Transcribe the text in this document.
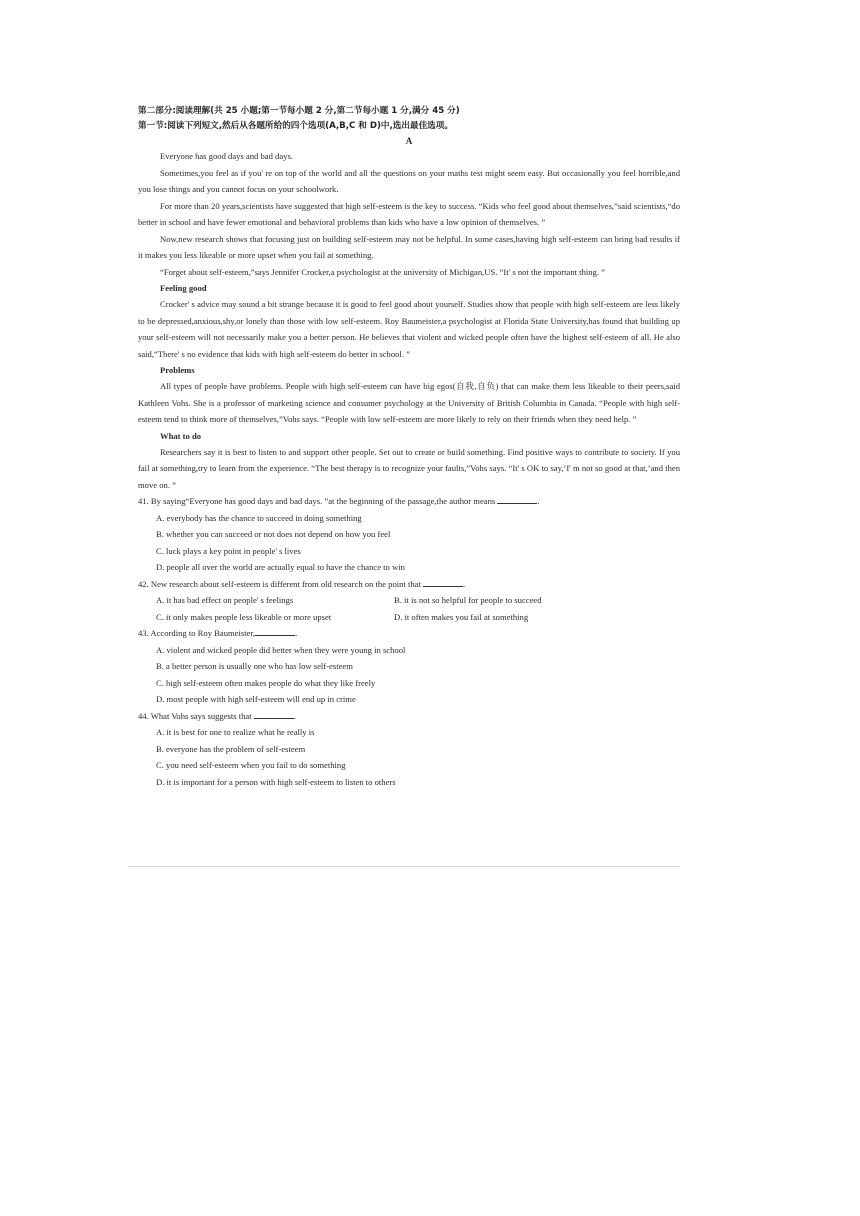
第二部分:阅读理解(共 25 小题;第一节每小题 2 分,第二节每小题 1 分,满分 45 分)
第一节:阅读下列短文,然后从各题所给的四个选项(A,B,C 和 D)中,选出最佳选项。
A

Everyone has good days and bad days.

Sometimes,you feel as if you' re on top of the world and all the questions on your maths test might seem easy. But occasionally you feel horrible,and you lose things and you cannot focus on your schoolwork.

For more than 20 years,scientists have suggested that high self-esteem is the key to success. “Kids who feel good about themselves,”said scientists,“do better in school and have fewer emotional and behavioral problems than kids who have a low opinion of themselves. ”

Now,new research shows that focusing just on building self-esteem may not be helpful. In some cases,having high self-esteem can bring bad results if it makes you less likeable or more upset when you fail at something.

“Forget about self-esteem,”says Jennifer Crocker,a psychologist at the university of Michigan,US. “It' s not the important thing. ”

Feeling good

Crocker' s advice may sound a bit strange because it is good to feel good about yourself. Studies show that people with high self-esteem are less likely to be depressed,anxious,shy,or lonely than those with low self-esteem. Roy Baumeister,a psychologist at Florida State University,has found that building up your self-esteem will not necessarily make you a better person. He believes that violent and wicked people often have the highest self-esteem of all. He also said,“There' s no evidence that kids with high self-esteem do better in school. ”

Problems

All types of people have problems. People with high self-esteem can have big egos(自我,自负) that can make them less likeable to their peers,said Kathleen Vohs. She is a professor of marketing science and consumer psychology at the University of British Columbia in Canada. “People with high self-esteem tend to think more of themselves,”Vohs says. “People with low self-esteem are more likely to rely on their friends when they need help. ”

What to do

Researchers say it is best to listen to and support other people. Set out to create or build something. Find positive ways to contribute to society. If you fail at something,try to learn from the experience. “The best therapy is to recognize your faults,”Vohs says. “It' s OK to say,‘I' m not so good at that,’and then move on. ”

41. By saying“Everyone has good days and bad days. ”at the beginning of the passage,the author means	.
A. everybody has the chance to succeed in doing something
B. whether you can succeed or not does not depend on how you feel
C. luck plays a key point in people' s lives
D. people all over the world are actually equal to have the chance to win
42. New research about self-esteem is different from old research on the point that	.
A. it has bad effect on people' s feelings	B. it is not so helpful for people to succeed
C. it only makes people less likeable or more upset	D. it often makes you fail at something
43. According to Roy Baumeister,	.
A. violent and wicked people did better when they were young in school
B. a better person is usually one who has low self-esteem
C. high self-esteem often makes people do what they like freely
D. most people with high self-esteem will end up in crime
44. What Vohs says suggests that	.
A. it is best for one to realize what he really is
B. everyone has the problem of self-esteem
C. you need self-esteem when you fail to do something
D. it is important for a person with high self-esteem to listen to others
